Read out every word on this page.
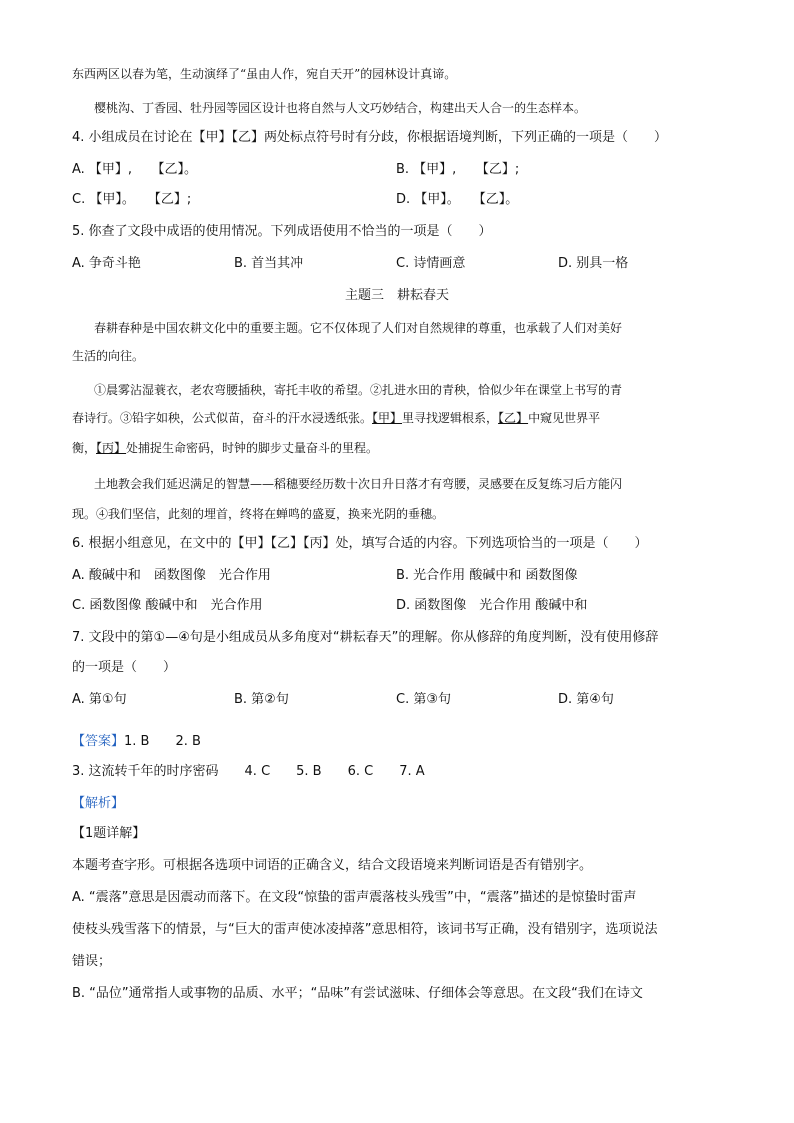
东西两区以春为笔，生动演绎了“虽由人作，宛自天开”的园林设计真谛。
樱桃沟、丁香园、牡丹园等园区设计也将自然与人文巧妙结合，构建出天人合一的生态样本。
4. 小组成员在讨论在【甲】【乙】两处标点符号时有分歧，你根据语境判断，下列正确的一项是（　　）
A. 【甲】,　　【乙】。	B. 【甲】,　　【乙】;
C. 【甲】。　　【乙】;	D. 【甲】。　　【乙】。
5. 你查了文段中成语的使用情况。下列成语使用不恰当的一项是（　　）
A. 争奇斗艳	B. 首当其冲	C. 诗情画意	D. 别具一格
主题三　耕耘春天
春耕春种是中国农耕文化中的重要主题。它不仅体现了人们对自然规律的尊重，也承载了人们对美好
生活的向往。
①晨雾沾湿蓑衣，老农弯腰插秧，寄托丰收的希望。②扎进水田的青秧，恰似少年在课堂上书写的青
春诗行。③铅字如秧，公式似苗，奋斗的汗水浸透纸张。【甲】里寻找逻辑根系，【乙】中窥见世界平
衡，【丙】处捕捉生命密码，时钟的脚步丈量奋斗的里程。
土地教会我们延迟满足的智慧——稻穗要经历数十次日升日落才有弯腰，灵感要在反复练习后方能闪
现。④我们坚信，此刻的埋首，终将在蝉鸣的盛夏，换来光阴的垂穗。
6. 根据小组意见，在文中的【甲】【乙】【丙】处，填写合适的内容。下列选项恰当的一项是（　　）
A. 酸碱中和　函数图像　光合作用	B. 光合作用 酸碱中和 函数图像
C. 函数图像 酸碱中和　光合作用	D. 函数图像　光合作用 酸碱中和
7. 文段中的第①—④句是小组成员从多角度对“耕耘春天”的理解。你从修辞的角度判断，没有使用修辞
的一项是（　　）
A. 第①句	B. 第②句	C. 第③句	D. 第④句
【答案】1. B　　2. B
3. 这流转千年的时序密码　　4. C　　5. B　　6. C　　7. A
【解析】
【1题详解】
本题考查字形。可根据各选项中词语的正确含义，结合文段语境来判断词语是否有错别字。
A. “震落”意思是因震动而落下。在文段“惊蛰的雷声震落枝头残雪”中，“震落”描述的是惊蛰时雷声
使枝头残雪落下的情景，与“巨大的雷声使冰凌掉落”意思相符，该词书写正确，没有错别字，选项说法
错误；
B. “品位”通常指人或事物的品质、水平；“品味”有尝试滋味、仔细体会等意思。在文段“我们在诗文
